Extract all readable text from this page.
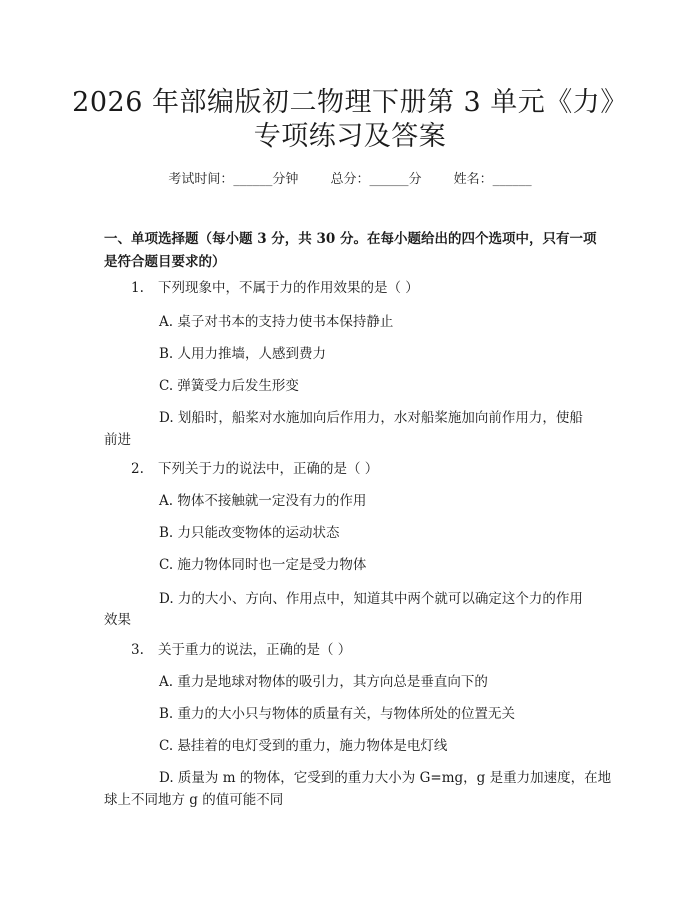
2026 年部编版初二物理下册第 3 单元《力》
专项练习及答案
考试时间：______分钟 总分：______分 姓名：______
一、单项选择题（每小题 3 分，共 30 分。在每小题给出的四个选项中，只有一项
是符合题目要求的）
1. 下列现象中，不属于力的作用效果的是（ ）
A. 桌子对书本的支持力使书本保持静止
B. 人用力推墙，人感到费力
C. 弹簧受力后发生形变
D. 划船时，船桨对水施加向后作用力，水对船桨施加向前作用力，使船
前进
2. 下列关于力的说法中，正确的是（ ）
A. 物体不接触就一定没有力的作用
B. 力只能改变物体的运动状态
C. 施力物体同时也一定是受力物体
D. 力的大小、方向、作用点中，知道其中两个就可以确定这个力的作用
效果
3. 关于重力的说法，正确的是（ ）
A. 重力是地球对物体的吸引力，其方向总是垂直向下的
B. 重力的大小只与物体的质量有关，与物体所处的位置无关
C. 悬挂着的电灯受到的重力，施力物体是电灯线
D. 质量为 m 的物体，它受到的重力大小为 G=mg，g 是重力加速度，在地
球上不同地方 g 的值可能不同
